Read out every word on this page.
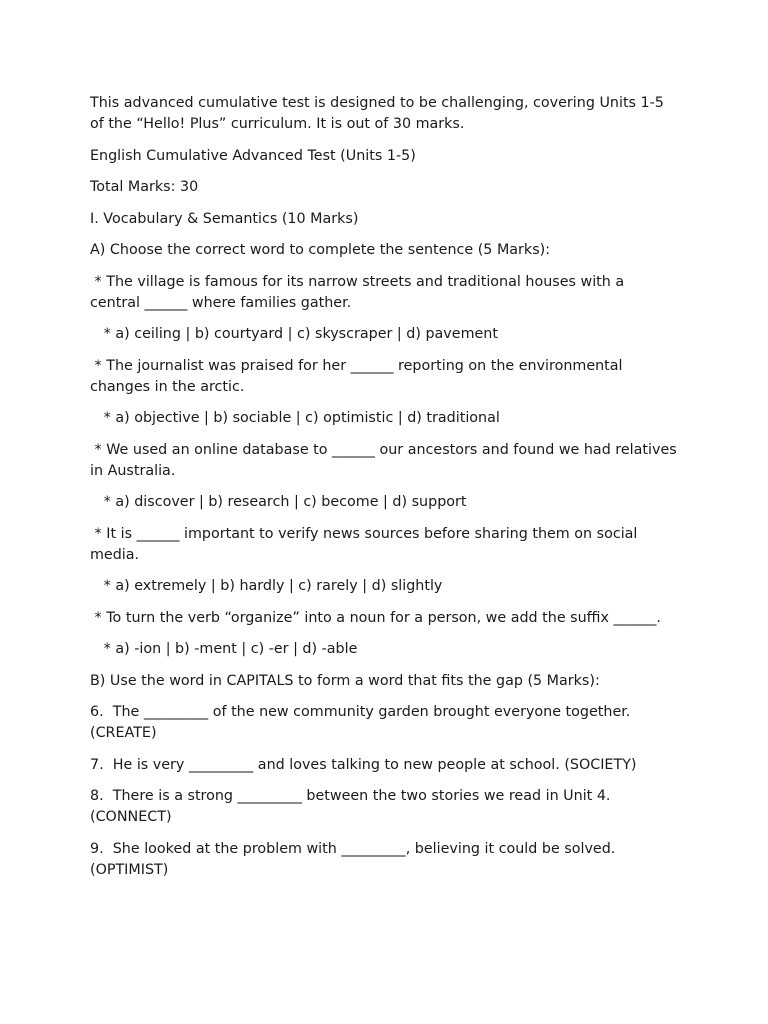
This advanced cumulative test is designed to be challenging, covering Units 1-5 of the “Hello! Plus” curriculum. It is out of 30 marks.

English Cumulative Advanced Test (Units 1-5)

Total Marks: 30

I. Vocabulary & Semantics (10 Marks)

A) Choose the correct word to complete the sentence (5 Marks):

* The village is famous for its narrow streets and traditional houses with a central ______ where families gather.

* a) ceiling | b) courtyard | c) skyscraper | d) pavement

* The journalist was praised for her ______ reporting on the environmental changes in the arctic.

* a) objective | b) sociable | c) optimistic | d) traditional

* We used an online database to ______ our ancestors and found we had relatives in Australia.

* a) discover | b) research | c) become | d) support

* It is ______ important to verify news sources before sharing them on social media.

* a) extremely | b) hardly | c) rarely | d) slightly

* To turn the verb “organize” into a noun for a person, we add the suffix ______.

* a) -ion | b) -ment | c) -er | d) -able

B) Use the word in CAPITALS to form a word that fits the gap (5 Marks):

6.  The _________ of the new community garden brought everyone together. (CREATE)

7.  He is very _________ and loves talking to new people at school. (SOCIETY)

8.  There is a strong _________ between the two stories we read in Unit 4. (CONNECT)

9.  She looked at the problem with _________, believing it could be solved. (OPTIMIST)
